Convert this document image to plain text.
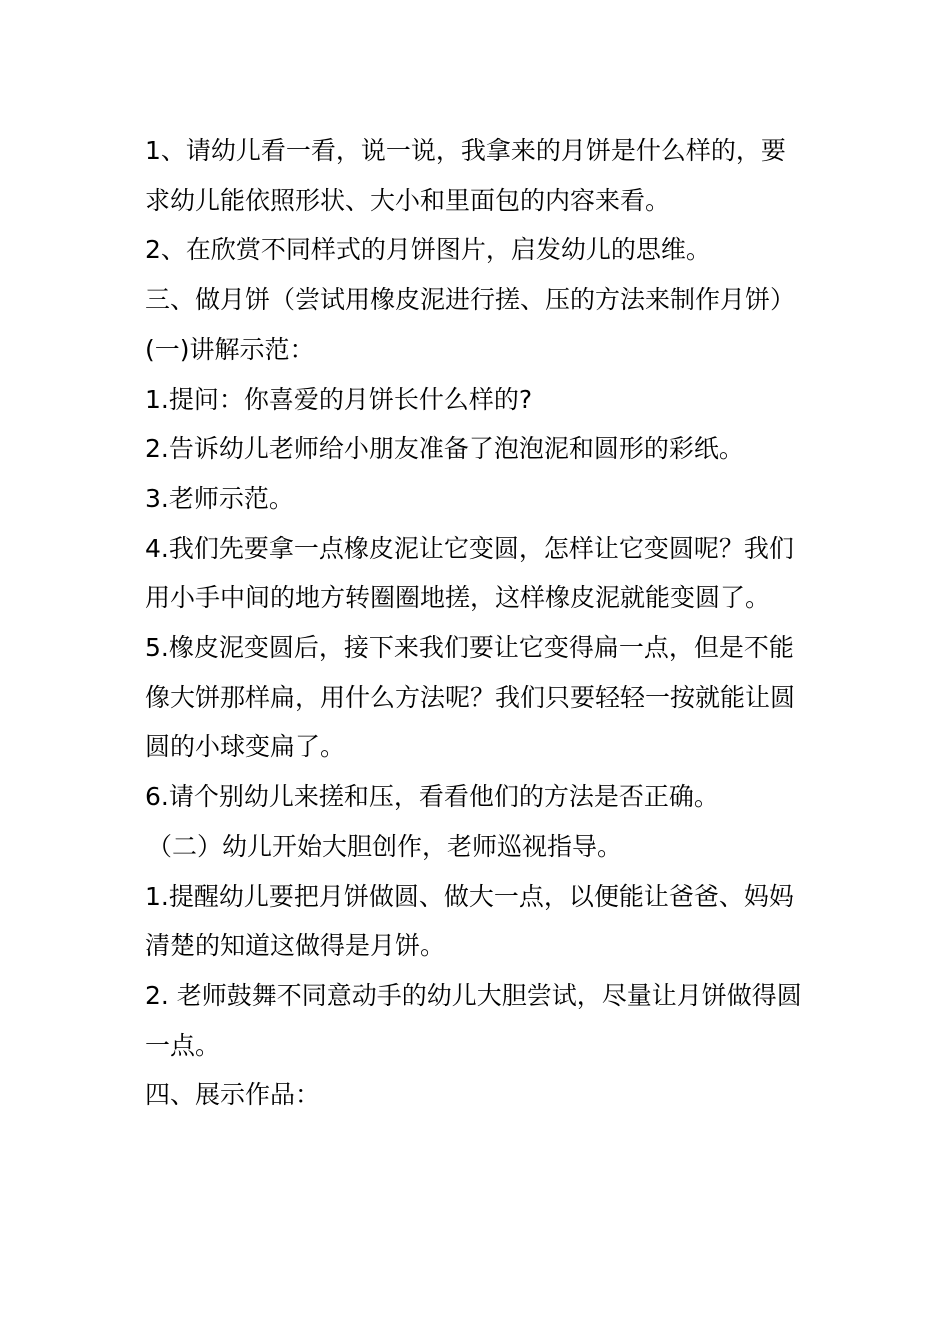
1、请幼儿看一看，说一说，我拿来的月饼是什么样的，要求幼儿能依照形状、大小和里面包的内容来看。

2、在欣赏不同样式的月饼图片，启发幼儿的思维。

三、做月饼（尝试用橡皮泥进行搓、压的方法来制作月饼）

(一)讲解示范：

1.提问：你喜爱的月饼长什么样的?

2.告诉幼儿老师给小朋友准备了泡泡泥和圆形的彩纸。

3.老师示范。

4.我们先要拿一点橡皮泥让它变圆，怎样让它变圆呢？我们用小手中间的地方转圈圈地搓，这样橡皮泥就能变圆了。

5.橡皮泥变圆后，接下来我们要让它变得扁一点，但是不能像大饼那样扁，用什么方法呢？我们只要轻轻一按就能让圆圆的小球变扁了。

6.请个别幼儿来搓和压，看看他们的方法是否正确。

（二）幼儿开始大胆创作，老师巡视指导。

1.提醒幼儿要把月饼做圆、做大一点，以便能让爸爸、妈妈清楚的知道这做得是月饼。

2. 老师鼓舞不同意动手的幼儿大胆尝试，尽量让月饼做得圆一点。

四、展示作品：
